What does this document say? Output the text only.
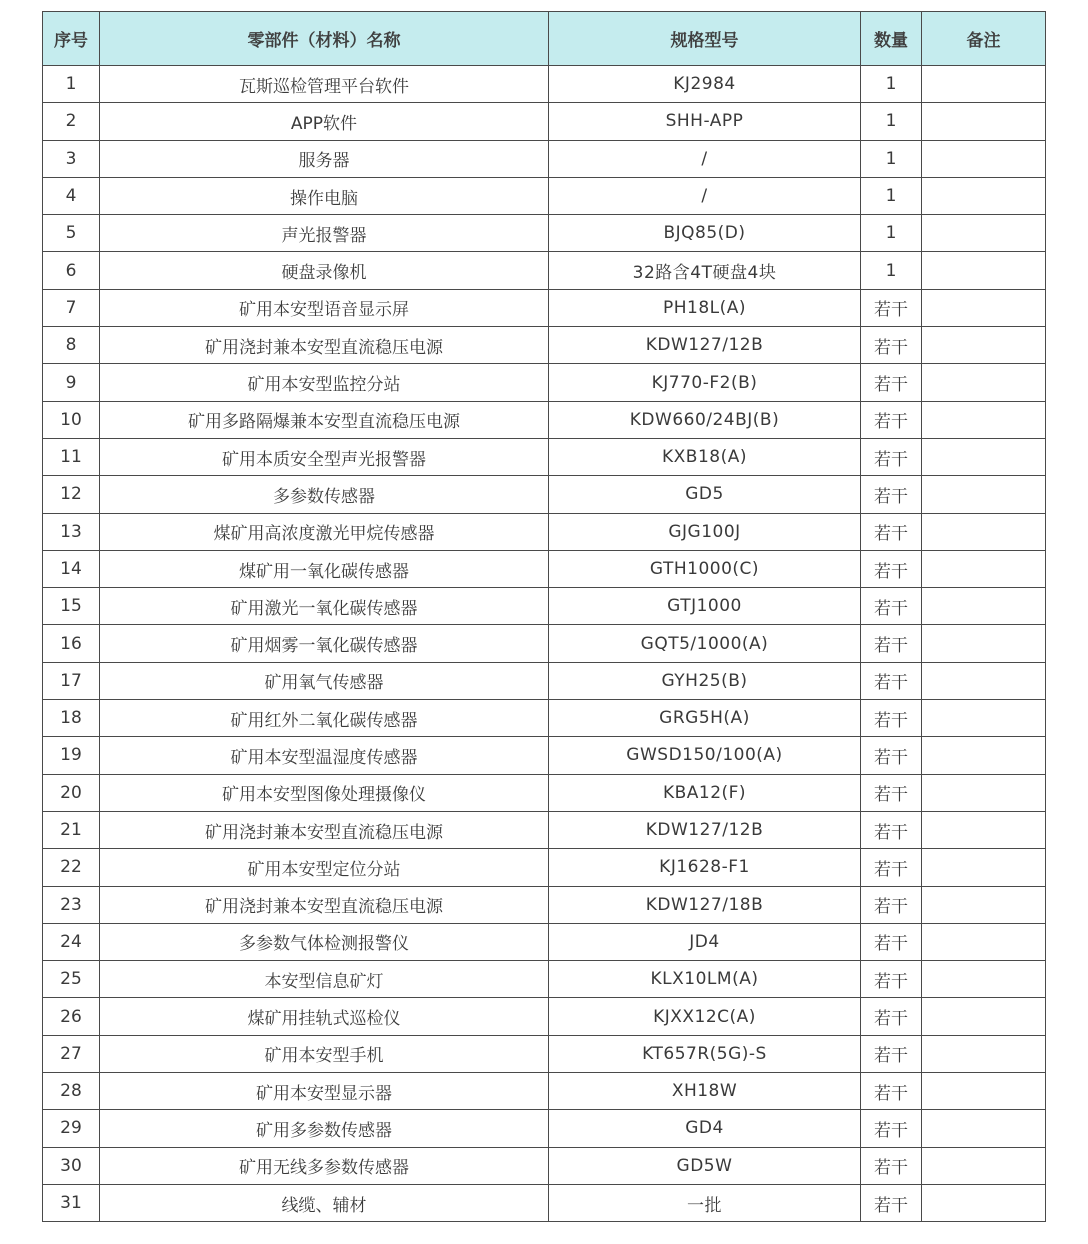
序号	零部件（材料）名称	规格型号	数量	备注
1	瓦斯巡检管理平台软件	KJ2984	1	
2	APP软件	SHH-APP	1	
3	服务器	/	1	
4	操作电脑	/	1	
5	声光报警器	BJQ85(D)	1	
6	硬盘录像机	32路含4T硬盘4块	1	
7	矿用本安型语音显示屏	PH18L(A)	若干	
8	矿用浇封兼本安型直流稳压电源	KDW127/12B	若干	
9	矿用本安型监控分站	KJ770-F2(B)	若干	
10	矿用多路隔爆兼本安型直流稳压电源	KDW660/24BJ(B)	若干	
11	矿用本质安全型声光报警器	KXB18(A)	若干	
12	多参数传感器	GD5	若干	
13	煤矿用高浓度激光甲烷传感器	GJG100J	若干	
14	煤矿用一氧化碳传感器	GTH1000(C)	若干	
15	矿用激光一氧化碳传感器	GTJ1000	若干	
16	矿用烟雾一氧化碳传感器	GQT5/1000(A)	若干	
17	矿用氧气传感器	GYH25(B)	若干	
18	矿用红外二氧化碳传感器	GRG5H(A)	若干	
19	矿用本安型温湿度传感器	GWSD150/100(A)	若干	
20	矿用本安型图像处理摄像仪	KBA12(F)	若干	
21	矿用浇封兼本安型直流稳压电源	KDW127/12B	若干	
22	矿用本安型定位分站	KJ1628-F1	若干	
23	矿用浇封兼本安型直流稳压电源	KDW127/18B	若干	
24	多参数气体检测报警仪	JD4	若干	
25	本安型信息矿灯	KLX10LM(A)	若干	
26	煤矿用挂轨式巡检仪	KJXX12C(A)	若干	
27	矿用本安型手机	KT657R(5G)-S	若干	
28	矿用本安型显示器	XH18W	若干	
29	矿用多参数传感器	GD4	若干	
30	矿用无线多参数传感器	GD5W	若干	
31	线缆、辅材	一批	若干	
